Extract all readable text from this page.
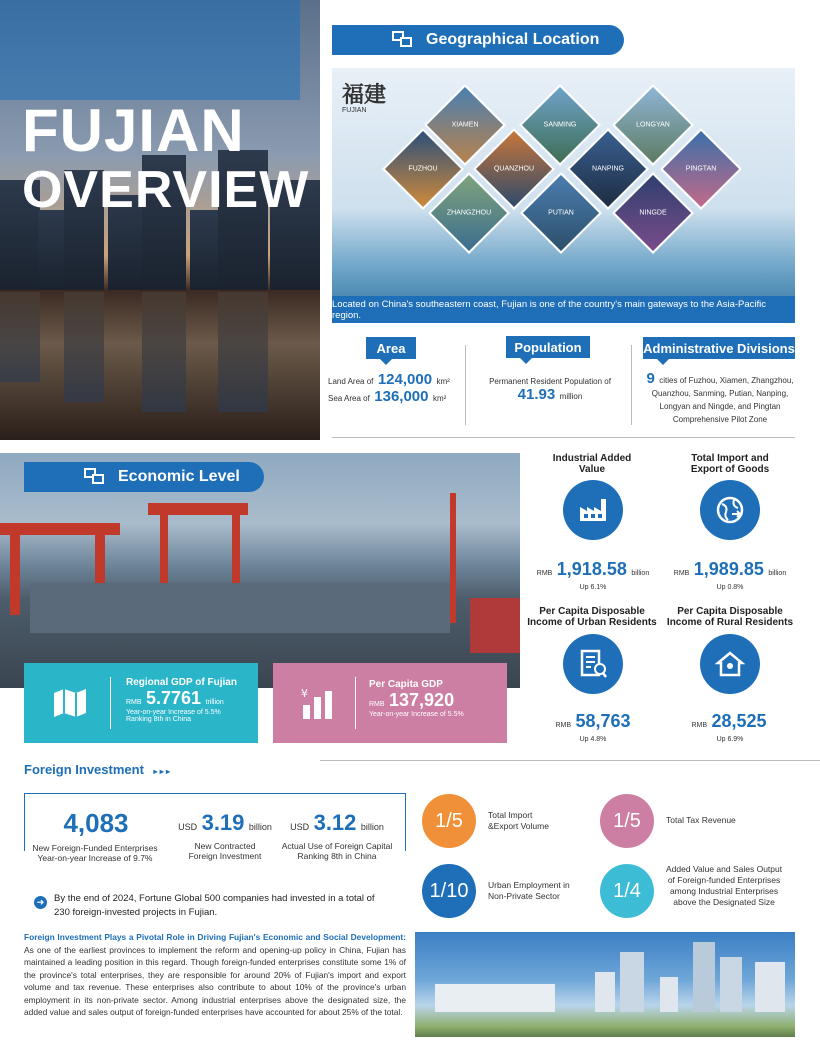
FUJIAN
OVERVIEW
Geographical Location
福建
FUJIAN
XIAMEN	SANMING	LONGYAN
FUZHOU	QUANZHOU	NANPING	PINGTAN
ZHANGZHOU	PUTIAN	NINGDE
Located on China's southeastern coast, Fujian is one of the country's main gateways to the Asia-Pacific region.
Area
Land Area of 124,000 km²
Sea Area of 136,000 km²
Population
Permanent Resident Population of
41.93 million
Administrative Divisions
9 cities of Fuzhou, Xiamen, Zhangzhou,
Quanzhou, Sanming, Putian, Nanping,
Longyan and Ningde, and Pingtan
Comprehensive Pilot Zone
Economic Level
Regional GDP of Fujian
RMB 5.7761 trillion
Year-on-year Increase of 5.5%
Ranking 8th in China
¥
Per Capita GDP
RMB 137,920
Year-on-year Increase of 5.5%
Industrial Added
Value
RMB 1,918.58 billion
Up 6.1%
Total Import and
Export of Goods
RMB 1,989.85 billion
Up 0.8%
Per Capita Disposable
Income of Urban Residents
RMB 58,763
Up 4.8%
Per Capita Disposable
Income of Rural Residents
RMB 28,525
Up 6.9%
Foreign Investment ▸ ▸ ▸
4,083
New Foreign-Funded Enterprises
Year-on-year Increase of 9.7%
USD 3.19 billion
New Contracted
Foreign Investment
USD 3.12 billion
Actual Use of Foreign Capital
Ranking 8th in China
1/5	Total Import
&Export Volume	1/5	Total Tax Revenue
1/10	Urban Employment in
Non-Private Sector	1/4
Added Value and Sales Output
of Foreign-funded Enterprises
among Industrial Enterprises
above the Designated Size
➜ By the end of 2024, Fortune Global 500 companies had invested in a total of
230 foreign-invested projects in Fujian.
Foreign Investment Plays a Pivotal Role in Driving Fujian's Economic and Social Development: As one of the earliest provinces to implement the reform and opening-up policy in China, Fujian has maintained a leading position in this regard. Though foreign-funded enterprises constitute some 1% of the province's total enterprises, they are responsible for around 20% of Fujian's import and export volume and tax revenue. These enterprises also contribute to about 10% of the province's urban employment in its non-private sector. Among industrial enterprises above the designated size, the added value and sales output of foreign-funded enterprises have accounted for about 25% of the total.
